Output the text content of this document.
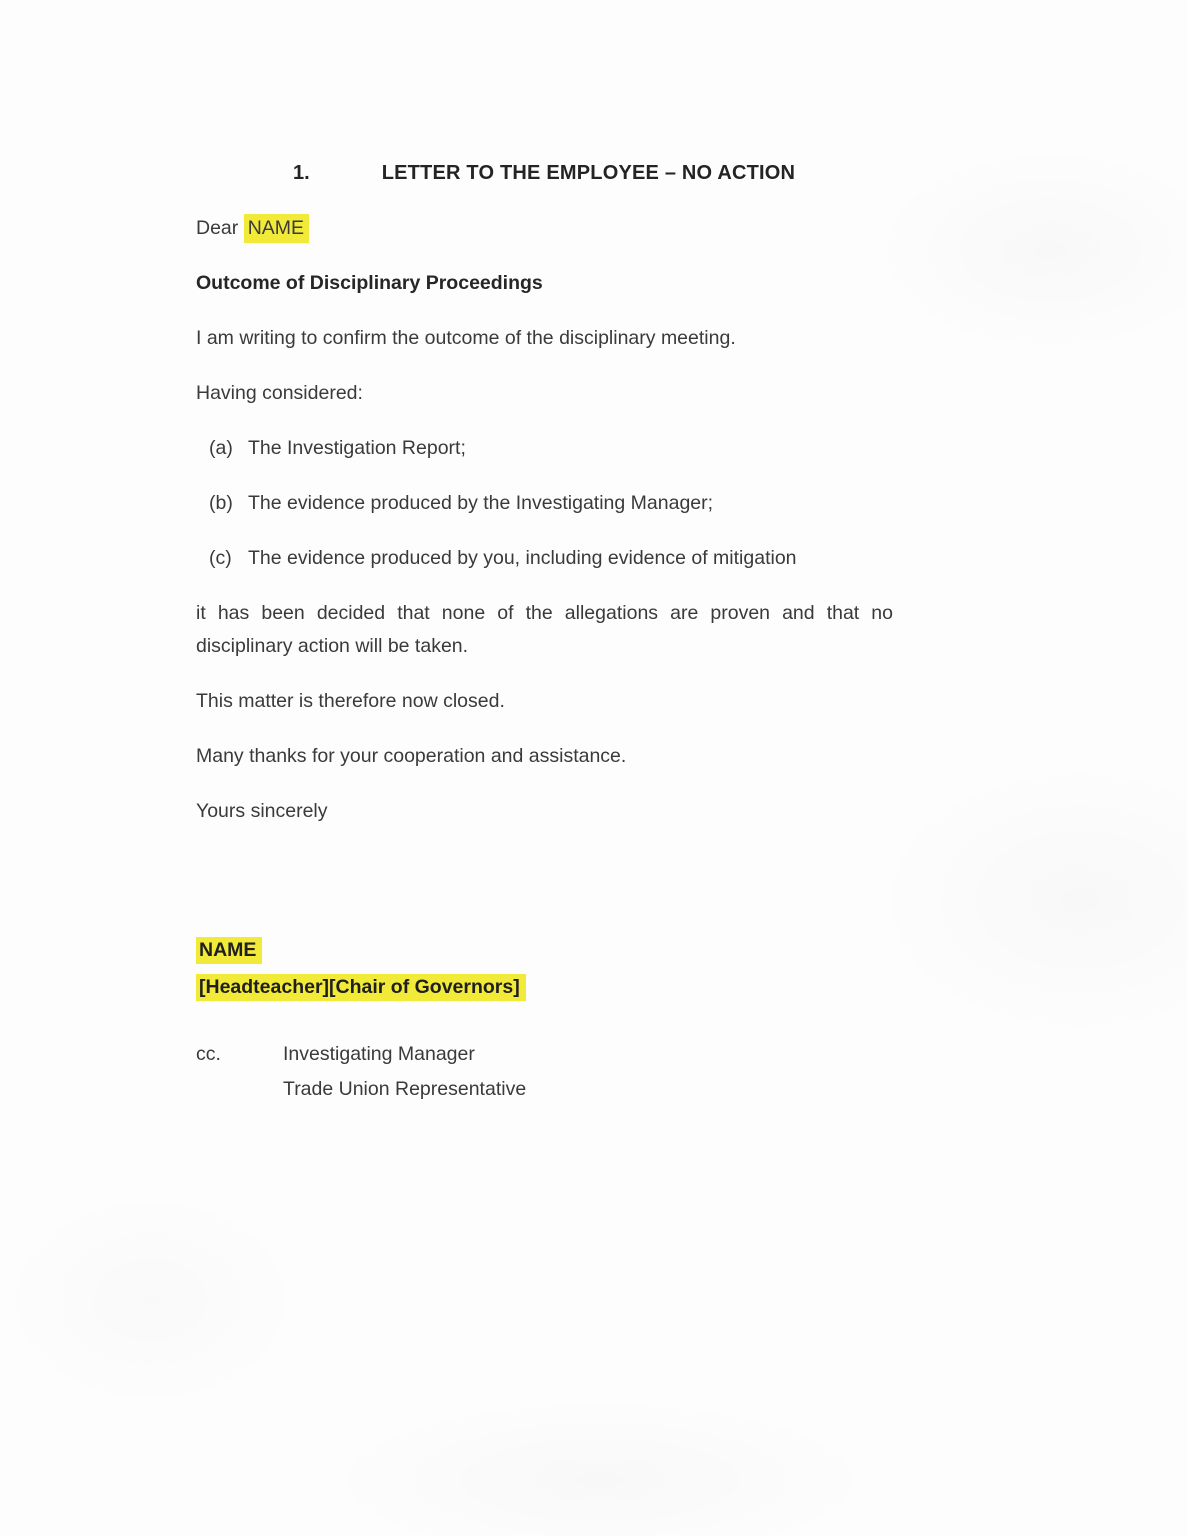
1.	LETTER TO THE EMPLOYEE – NO ACTION

Dear NAME

Outcome of Disciplinary Proceedings

I am writing to confirm the outcome of the disciplinary meeting.

Having considered:

(a) The Investigation Report;

(b) The evidence produced by the Investigating Manager;

(c) The evidence produced by you, including evidence of mitigation

it has been decided that none of the allegations are proven and that no

disciplinary action will be taken.

This matter is therefore now closed.

Many thanks for your cooperation and assistance.

Yours sincerely

NAME

[Headteacher][Chair of Governors]

cc.	Investigating Manager
Trade Union Representative
